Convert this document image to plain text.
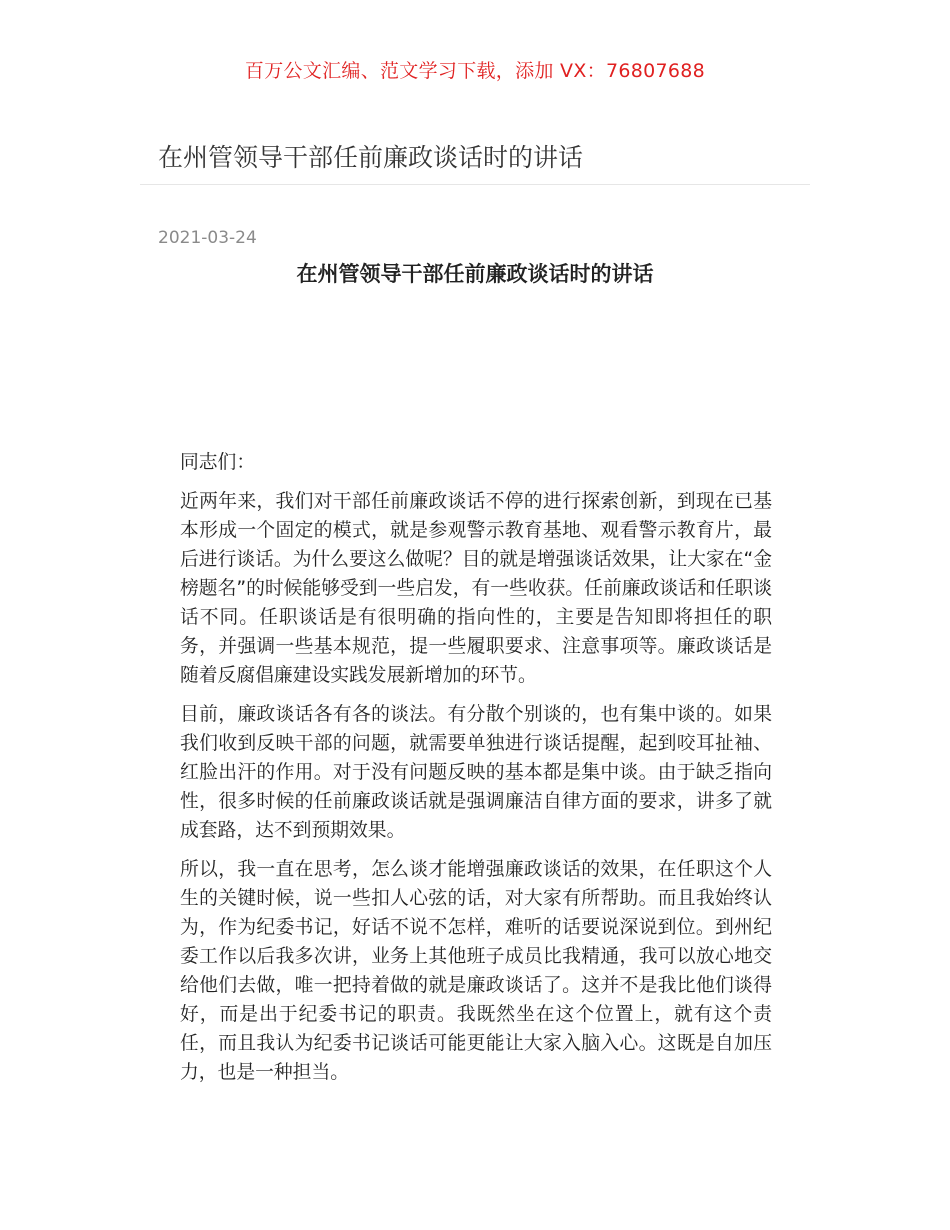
百万公文汇编、范文学习下载，添加 VX：76807688
在州管领导干部任前廉政谈话时的讲话
2021-03-24
在州管领导干部任前廉政谈话时的讲话

同志们：

近两年来，我们对干部任前廉政谈话不停的进行探索创新，到现在已基本形成一个固定的模式，就是参观警示教育基地、观看警示教育片，最后进行谈话。为什么要这么做呢？目的就是增强谈话效果，让大家在“金榜题名”的时候能够受到一些启发，有一些收获。任前廉政谈话和任职谈话不同。任职谈话是有很明确的指向性的，主要是告知即将担任的职务，并强调一些基本规范，提一些履职要求、注意事项等。廉政谈话是随着反腐倡廉建设实践发展新增加的环节。

目前，廉政谈话各有各的谈法。有分散个别谈的，也有集中谈的。如果我们收到反映干部的问题，就需要单独进行谈话提醒，起到咬耳扯袖、红脸出汗的作用。对于没有问题反映的基本都是集中谈。由于缺乏指向性，很多时候的任前廉政谈话就是强调廉洁自律方面的要求，讲多了就成套路，达不到预期效果。

所以，我一直在思考，怎么谈才能增强廉政谈话的效果，在任职这个人生的关键时候，说一些扣人心弦的话，对大家有所帮助。而且我始终认为，作为纪委书记，好话不说不怎样，难听的话要说深说到位。到州纪委工作以后我多次讲，业务上其他班子成员比我精通，我可以放心地交给他们去做，唯一把持着做的就是廉政谈话了。这并不是我比他们谈得好，而是出于纪委书记的职责。我既然坐在这个位置上，就有这个责任，而且我认为纪委书记谈话可能更能让大家入脑入心。这既是自加压力，也是一种担当。
